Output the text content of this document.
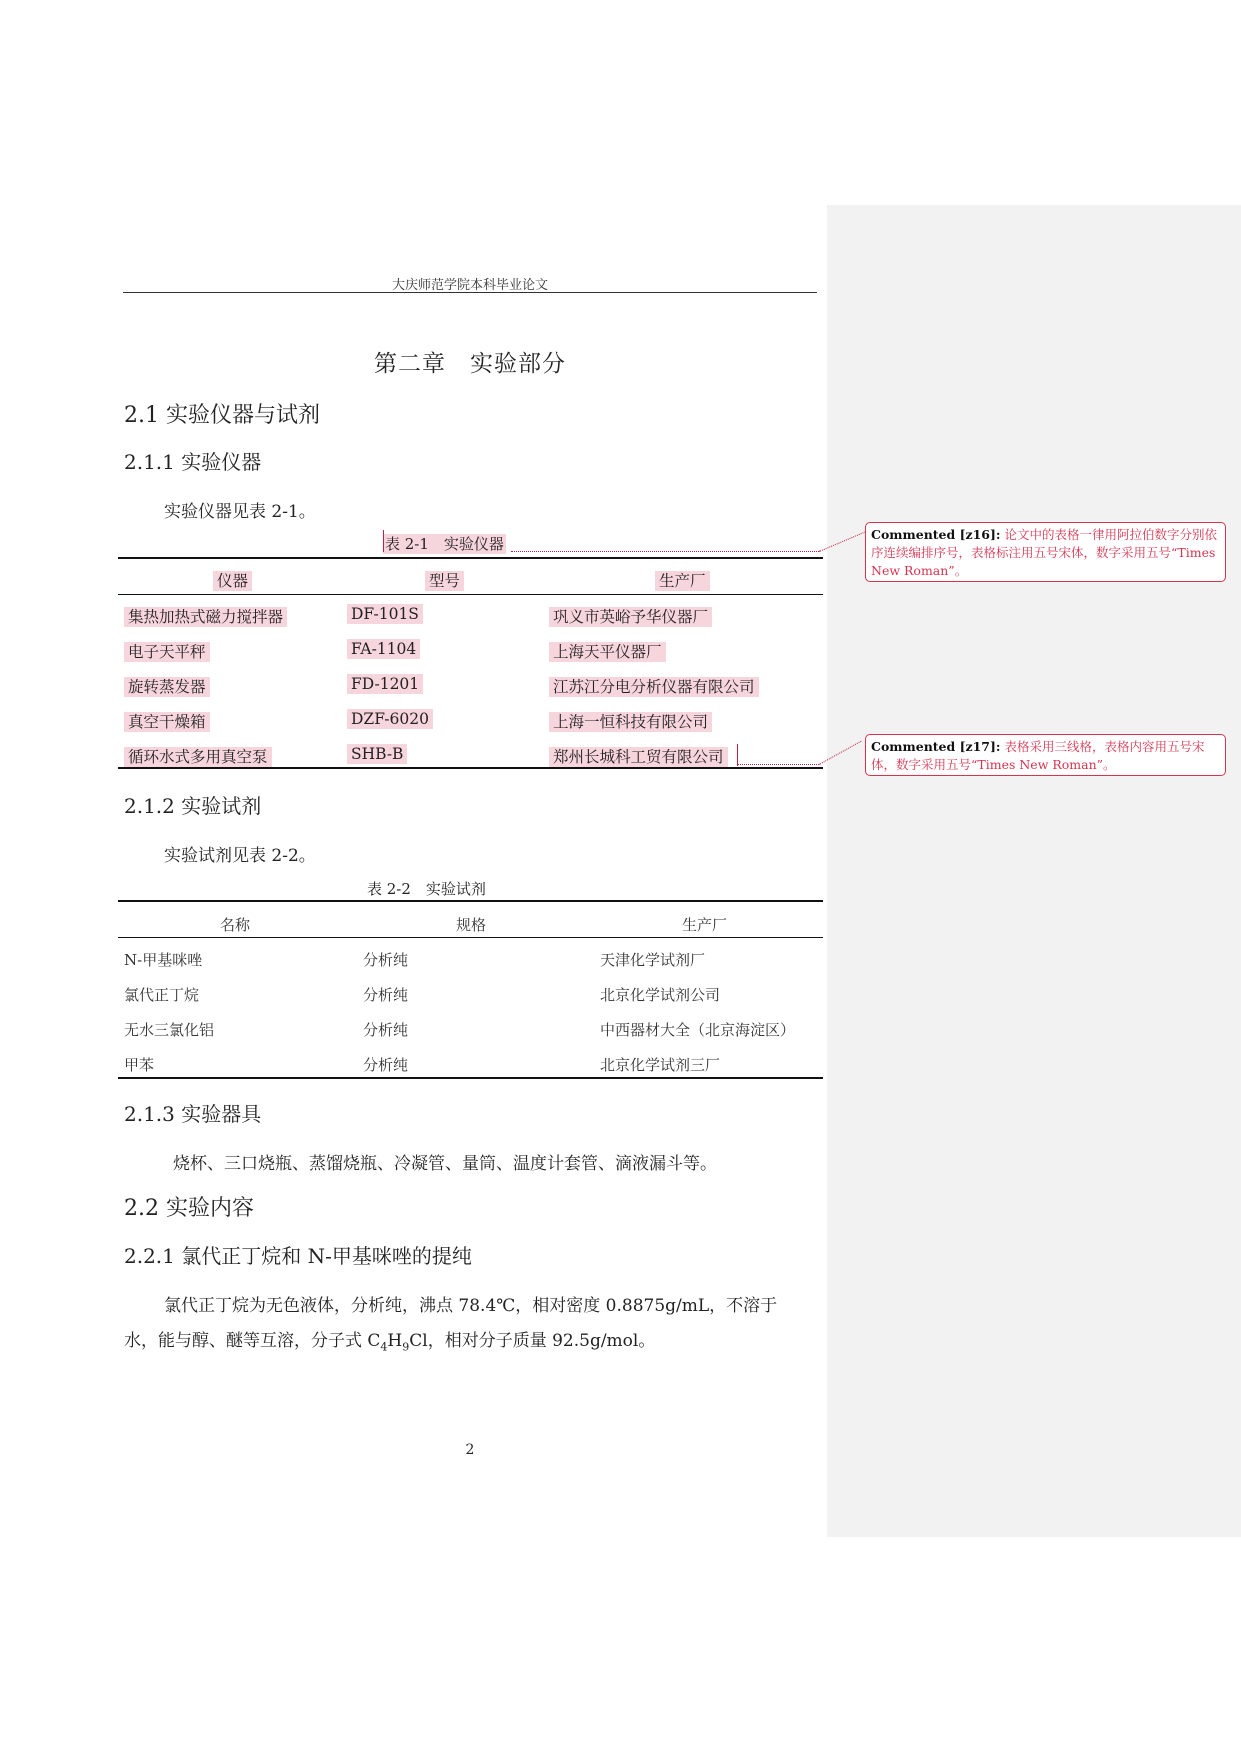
大庆师范学院本科毕业论文
第二章　实验部分
2.1 实验仪器与试剂
2.1.1 实验仪器
实验仪器见表 2-1。
表 2-1　实验仪器
仪器	型号	生产厂
集热加热式磁力搅拌器	DF-101S	巩义市英峪予华仪器厂
电子天平秤	FA-1104	上海天平仪器厂
旋转蒸发器	FD-1201	江苏江分电分析仪器有限公司
真空干燥箱	DZF-6020	上海一恒科技有限公司
循环水式多用真空泵	SHB-B	郑州长城科工贸有限公司
2.1.2 实验试剂
实验试剂见表 2-2。
表 2-2　实验试剂
名称	规格	生产厂
N-甲基咪唑	分析纯	天津化学试剂厂
氯代正丁烷	分析纯	北京化学试剂公司
无水三氯化铝	分析纯	中西器材大全（北京海淀区）
甲苯	分析纯	北京化学试剂三厂
2.1.3 实验器具
烧杯、三口烧瓶、蒸馏烧瓶、冷凝管、量筒、温度计套管、滴液漏斗等。
2.2 实验内容
2.2.1 氯代正丁烷和 N-甲基咪唑的提纯
氯代正丁烷为无色液体，分析纯，沸点 78.4℃，相对密度 0.8875g/mL，不溶于
水，能与醇、醚等互溶，分子式 $C_4H_9Cl$，相对分子质量 92.5g/mol。
2
Commented [z16]: 论文中的表格一律用阿拉伯数字分别依序连续编排序号，表格标注用五号宋体，数字采用五号“Times New Roman”。
Commented [z17]: 表格采用三线格，表格内容用五号宋体，数字采用五号“Times New Roman”。
